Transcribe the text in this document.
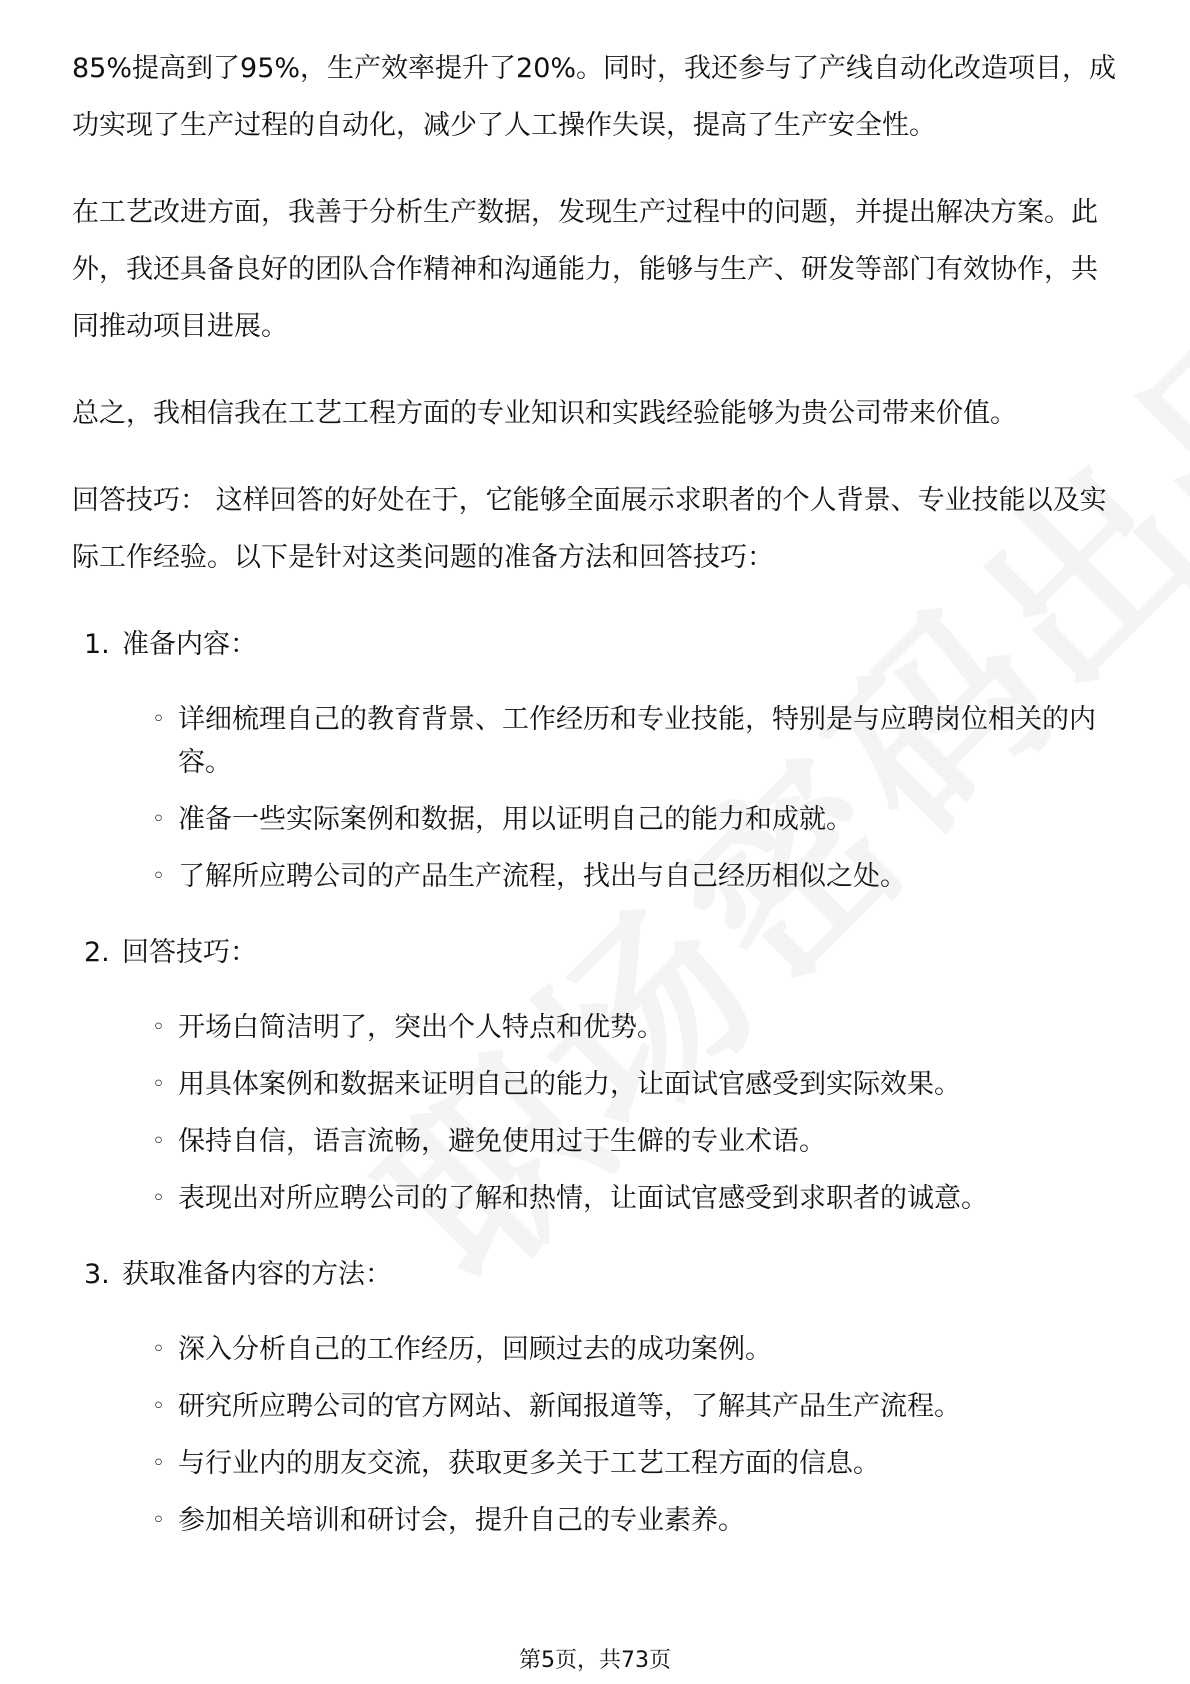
85%提高到了95%，生产效率提升了20%。同时，我还参与了产线自动化改造项目，成功实现了生产过程的自动化，减少了人工操作失误，提高了生产安全性。

在工艺改进方面，我善于分析生产数据，发现生产过程中的问题，并提出解决方案。此外，我还具备良好的团队合作精神和沟通能力，能够与生产、研发等部门有效协作，共同推动项目进展。

总之，我相信我在工艺工程方面的专业知识和实践经验能够为贵公司带来价值。

回答技巧： 这样回答的好处在于，它能够全面展示求职者的个人背景、专业技能以及实际工作经验。以下是针对这类问题的准备方法和回答技巧：

1. 准备内容：
◦ 详细梳理自己的教育背景、工作经历和专业技能，特别是与应聘岗位相关的内容。
◦ 准备一些实际案例和数据，用以证明自己的能力和成就。
◦ 了解所应聘公司的产品生产流程，找出与自己经历相似之处。
2. 回答技巧：
◦ 开场白简洁明了，突出个人特点和优势。
◦ 用具体案例和数据来证明自己的能力，让面试官感受到实际效果。
◦ 保持自信，语言流畅，避免使用过于生僻的专业术语。
◦ 表现出对所应聘公司的了解和热情，让面试官感受到求职者的诚意。
3. 获取准备内容的方法：
◦ 深入分析自己的工作经历，回顾过去的成功案例。
◦ 研究所应聘公司的官方网站、新闻报道等，了解其产品生产流程。
◦ 与行业内的朋友交流，获取更多关于工艺工程方面的信息。
◦ 参加相关培训和研讨会，提升自己的专业素养。
第5页，共73页
